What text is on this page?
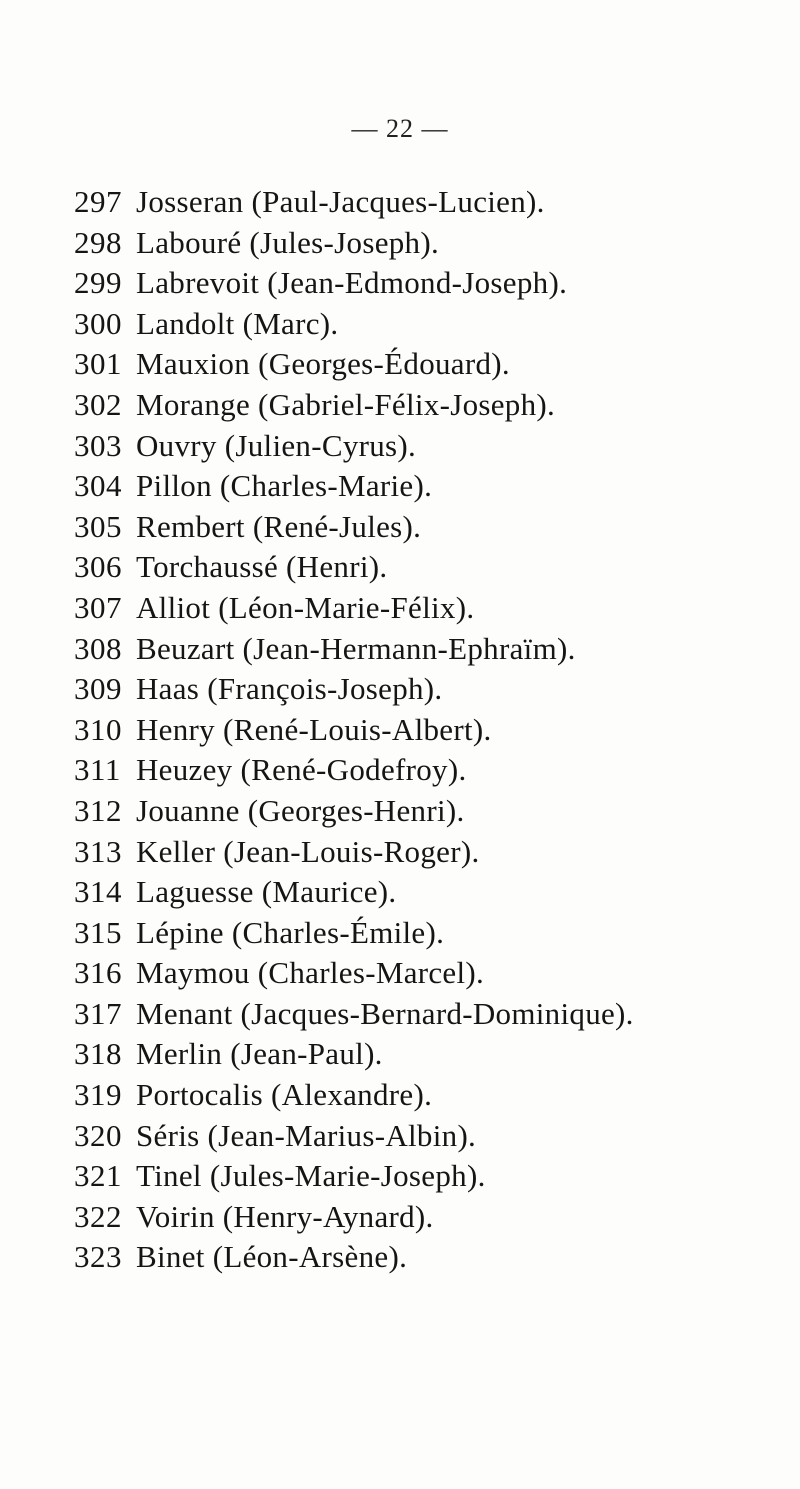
— 22 —
297 Josseran (Paul-Jacques-Lucien).
298 Labouré (Jules-Joseph).
299 Labrevoit (Jean-Edmond-Joseph).
300 Landolt (Marc).
301 Mauxion (Georges-Édouard).
302 Morange (Gabriel-Félix-Joseph).
303 Ouvry (Julien-Cyrus).
304 Pillon (Charles-Marie).
305 Rembert (René-Jules).
306 Torchaussé (Henri).
307 Alliot (Léon-Marie-Félix).
308 Beuzart (Jean-Hermann-Ephraïm).
309 Haas (François-Joseph).
310 Henry (René-Louis-Albert).
311 Heuzey (René-Godefroy).
312 Jouanne (Georges-Henri).
313 Keller (Jean-Louis-Roger).
314 Laguesse (Maurice).
315 Lépine (Charles-Émile).
316 Maymou (Charles-Marcel).
317 Menant (Jacques-Bernard-Dominique).
318 Merlin (Jean-Paul).
319 Portocalis (Alexandre).
320 Séris (Jean-Marius-Albin).
321 Tinel (Jules-Marie-Joseph).
322 Voirin (Henry-Aynard).
323 Binet (Léon-Arsène).
